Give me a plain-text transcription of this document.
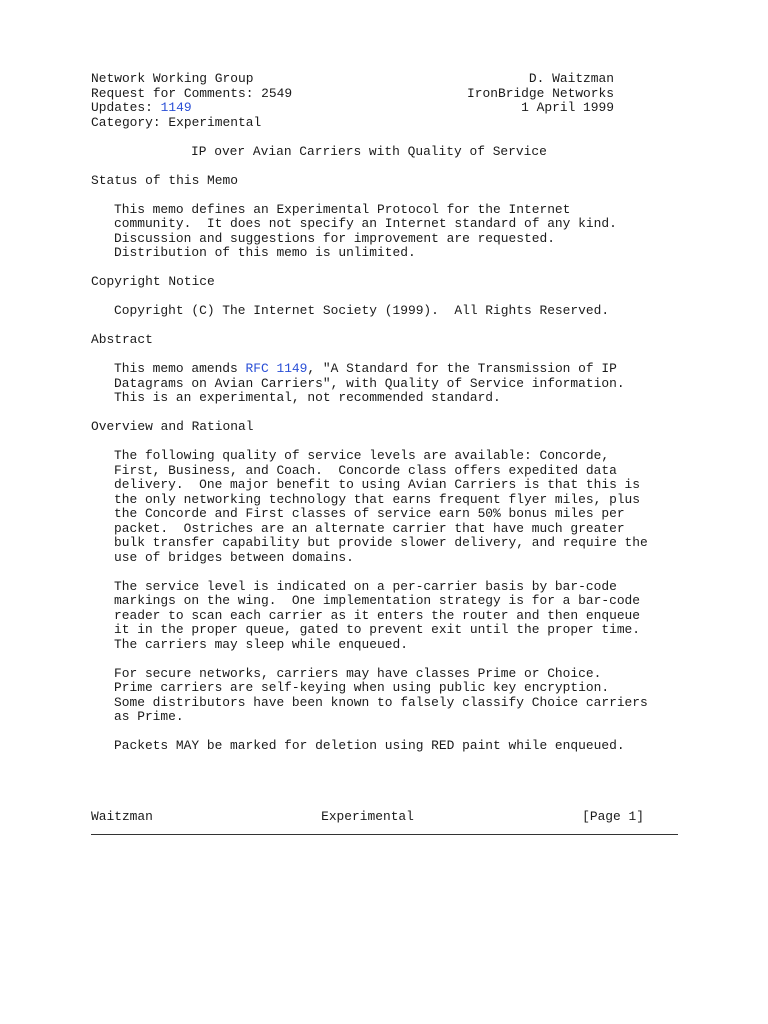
Network Working Group	D. Waitzman
Request for Comments: 2549	IronBridge Networks
Updates: 1149	1 April 1999
Category: Experimental
IP over Avian Carriers with Quality of Service
Status of this Memo
This memo defines an Experimental Protocol for the Internet
community.  It does not specify an Internet standard of any kind.
Discussion and suggestions for improvement are requested.
Distribution of this memo is unlimited.
Copyright Notice
Copyright (C) The Internet Society (1999).  All Rights Reserved.
Abstract
This memo amends RFC 1149, "A Standard for the Transmission of IP
Datagrams on Avian Carriers", with Quality of Service information.
This is an experimental, not recommended standard.
Overview and Rational
The following quality of service levels are available: Concorde,
First, Business, and Coach.  Concorde class offers expedited data
delivery.  One major benefit to using Avian Carriers is that this is
the only networking technology that earns frequent flyer miles, plus
the Concorde and First classes of service earn 50% bonus miles per
packet.  Ostriches are an alternate carrier that have much greater
bulk transfer capability but provide slower delivery, and require the
use of bridges between domains.
The service level is indicated on a per-carrier basis by bar-code
markings on the wing.  One implementation strategy is for a bar-code
reader to scan each carrier as it enters the router and then enqueue
it in the proper queue, gated to prevent exit until the proper time.
The carriers may sleep while enqueued.
For secure networks, carriers may have classes Prime or Choice.
Prime carriers are self-keying when using public key encryption.
Some distributors have been known to falsely classify Choice carriers
as Prime.
Packets MAY be marked for deletion using RED paint while enqueued.
Waitzman	Experimental	[Page 1]
